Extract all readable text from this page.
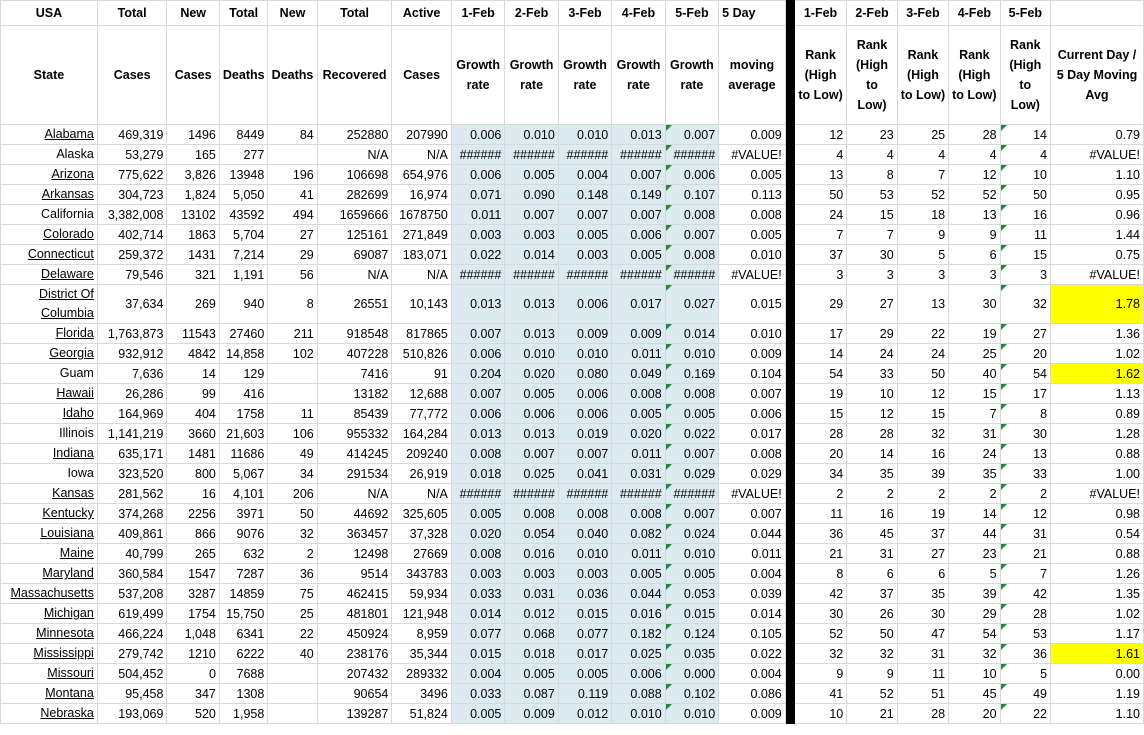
USA	Total	New	Total	New	Total	Active	1-Feb	2-Feb	3-Feb	4-Feb	5-Feb	5 Day		1-Feb	2-Feb	3-Feb	4-Feb	5-Feb	
State	Cases	Cases	Deaths	Deaths	Recovered	Cases	Growth rate	Growth rate	Growth rate	Growth rate	Growth rate	moving average		Rank (High to Low)	Rank (High to Low)	Rank (High to Low)	Rank (High to Low)	Rank (High to Low)	Current Day / 5 Day Moving Avg
Alabama	469,319	1496	8449	84	252880	207990	0.006	0.010	0.010	0.013	0.007	0.009		12	23	25	28	14	0.79
Alaska	53,279	165	277		N/A	N/A	######	######	######	######	######	#VALUE!		4	4	4	4	4	#VALUE!
Arizona	775,622	3,826	13948	196	106698	654,976	0.006	0.005	0.004	0.007	0.006	0.005		13	8	7	12	10	1.10
Arkansas	304,723	1,824	5,050	41	282699	16,974	0.071	0.090	0.148	0.149	0.107	0.113		50	53	52	52	50	0.95
California	3,382,008	13102	43592	494	1659666	1678750	0.011	0.007	0.007	0.007	0.008	0.008		24	15	18	13	16	0.96
Colorado	402,714	1863	5,704	27	125161	271,849	0.003	0.003	0.005	0.006	0.007	0.005		7	7	9	9	11	1.44
Connecticut	259,372	1431	7,214	29	69087	183,071	0.022	0.014	0.003	0.005	0.008	0.010		37	30	5	6	15	0.75
Delaware	79,546	321	1,191	56	N/A	N/A	######	######	######	######	######	#VALUE!		3	3	3	3	3	#VALUE!
District Of Columbia	37,634	269	940	8	26551	10,143	0.013	0.013	0.006	0.017	0.027	0.015		29	27	13	30	32	1.78
Florida	1,763,873	11543	27460	211	918548	817865	0.007	0.013	0.009	0.009	0.014	0.010		17	29	22	19	27	1.36
Georgia	932,912	4842	14,858	102	407228	510,826	0.006	0.010	0.010	0.011	0.010	0.009		14	24	24	25	20	1.02
Guam	7,636	14	129		7416	91	0.204	0.020	0.080	0.049	0.169	0.104		54	33	50	40	54	1.62
Hawaii	26,286	99	416		13182	12,688	0.007	0.005	0.006	0.008	0.008	0.007		19	10	12	15	17	1.13
Idaho	164,969	404	1758	11	85439	77,772	0.006	0.006	0.006	0.005	0.005	0.006		15	12	15	7	8	0.89
Illinois	1,141,219	3660	21,603	106	955332	164,284	0.013	0.013	0.019	0.020	0.022	0.017		28	28	32	31	30	1.28
Indiana	635,171	1481	11686	49	414245	209240	0.008	0.007	0.007	0.011	0.007	0.008		20	14	16	24	13	0.88
Iowa	323,520	800	5,067	34	291534	26,919	0.018	0.025	0.041	0.031	0.029	0.029		34	35	39	35	33	1.00
Kansas	281,562	16	4,101	206	N/A	N/A	######	######	######	######	######	#VALUE!		2	2	2	2	2	#VALUE!
Kentucky	374,268	2256	3971	50	44692	325,605	0.005	0.008	0.008	0.008	0.007	0.007		11	16	19	14	12	0.98
Louisiana	409,861	866	9076	32	363457	37,328	0.020	0.054	0.040	0.082	0.024	0.044		36	45	37	44	31	0.54
Maine	40,799	265	632	2	12498	27669	0.008	0.016	0.010	0.011	0.010	0.011		21	31	27	23	21	0.88
Maryland	360,584	1547	7287	36	9514	343783	0.003	0.003	0.003	0.005	0.005	0.004		8	6	6	5	7	1.26
Massachusetts	537,208	3287	14859	75	462415	59,934	0.033	0.031	0.036	0.044	0.053	0.039		42	37	35	39	42	1.35
Michigan	619,499	1754	15,750	25	481801	121,948	0.014	0.012	0.015	0.016	0.015	0.014		30	26	30	29	28	1.02
Minnesota	466,224	1,048	6341	22	450924	8,959	0.077	0.068	0.077	0.182	0.124	0.105		52	50	47	54	53	1.17
Mississippi	279,742	1210	6222	40	238176	35,344	0.015	0.018	0.017	0.025	0.035	0.022		32	32	31	32	36	1.61
Missouri	504,452	0	7688		207432	289332	0.004	0.005	0.005	0.006	0.000	0.004		9	9	11	10	5	0.00
Montana	95,458	347	1308		90654	3496	0.033	0.087	0.119	0.088	0.102	0.086		41	52	51	45	49	1.19
Nebraska	193,069	520	1,958		139287	51,824	0.005	0.009	0.012	0.010	0.010	0.009		10	21	28	20	22	1.10
